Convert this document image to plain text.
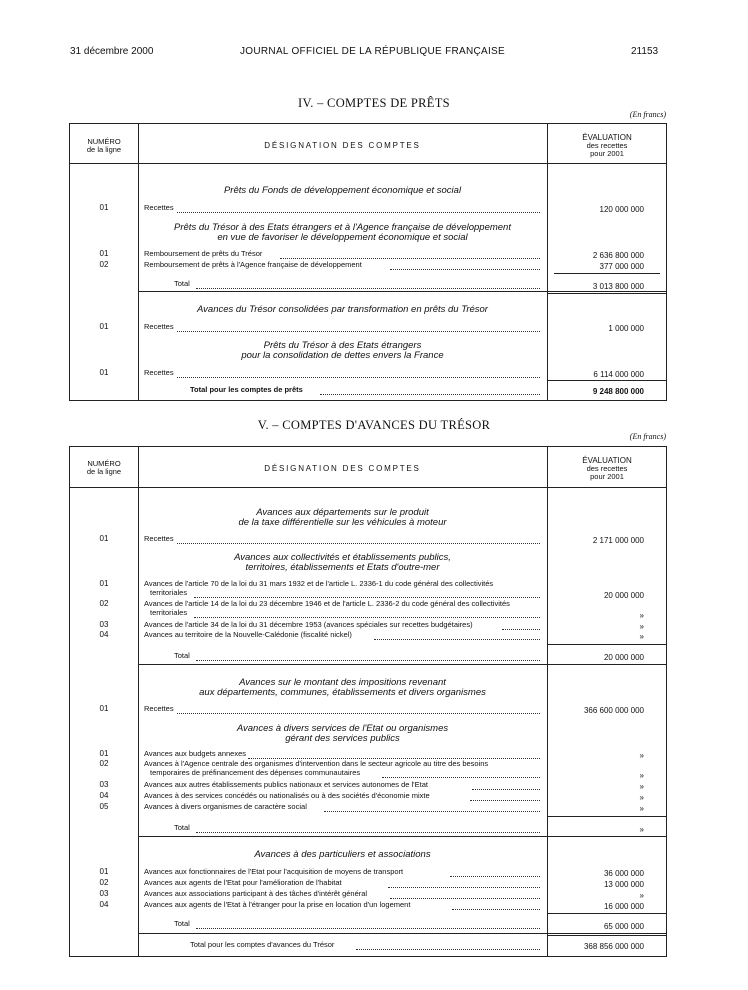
31 décembre 2000	JOURNAL OFFICIEL DE LA RÉPUBLIQUE FRANÇAISE	21153
IV. – COMPTES DE PRÊTS
(En francs)
NUMÉRO
de la ligne	DÉSIGNATION DES COMPTES
ÉVALUATION
des recettes
pour 2001
Prêts du Fonds de développement économique et social
01	Recettes	120 000 000
Prêts du Trésor à des Etats étrangers et à l'Agence française de développement
en vue de favoriser le développement économique et social
01	Remboursement de prêts du Trésor	2 636 800 000
02	Remboursement de prêts à l'Agence française de développement	377 000 000
Total	3 013 800 000
Avances du Trésor consolidées par transformation en prêts du Trésor
01	Recettes	1 000 000
Prêts du Trésor à des Etats étrangers
pour la consolidation de dettes envers la France
01	Recettes	6 114 000 000
Total pour les comptes de prêts	9 248 800 000
V. – COMPTES D'AVANCES DU TRÉSOR
(En francs)
NUMÉRO
de la ligne	DÉSIGNATION DES COMPTES
ÉVALUATION
des recettes
pour 2001
Avances aux départements sur le produit
de la taxe différentielle sur les véhicules à moteur
01	Recettes	2 171 000 000
Avances aux collectivités et établissements publics,
territoires, établissements et Etats d'outre-mer
01	Avances de l'article 70 de la loi du 31 mars 1932 et de l'article L. 2336-1 du code général des collectivités
territoriales	20 000 000
02	Avances de l'article 14 de la loi du 23 décembre 1946 et de l'article L. 2336-2 du code général des collectivités
territoriales	»
03	Avances de l'article 34 de la loi du 31 décembre 1953 (avances spéciales sur recettes budgétaires)	»
04	Avances au territoire de la Nouvelle-Calédonie (fiscalité nickel)	»
Total	20 000 000
Avances sur le montant des impositions revenant
aux départements, communes, établissements et divers organismes
01	Recettes	366 600 000 000
Avances à divers services de l'Etat ou organismes
gérant des services publics
01	Avances aux budgets annexes	»
02	Avances à l'Agence centrale des organismes d'intervention dans le secteur agricole au titre des besoins
temporaires de préfinancement des dépenses communautaires	»
03	Avances aux autres établissements publics nationaux et services autonomes de l'Etat	»
04	Avances à des services concédés ou nationalisés ou à des sociétés d'économie mixte	»
05	Avances à divers organismes de caractère social	»
Total	»
Avances à des particuliers et associations
01	Avances aux fonctionnaires de l'Etat pour l'acquisition de moyens de transport	36 000 000
02	Avances aux agents de l'Etat pour l'amélioration de l'habitat	13 000 000
03	Avances aux associations participant à des tâches d'intérêt général	»
04	Avances aux agents de l'Etat à l'étranger pour la prise en location d'un logement	16 000 000
Total	65 000 000
Total pour les comptes d'avances du Trésor	368 856 000 000
